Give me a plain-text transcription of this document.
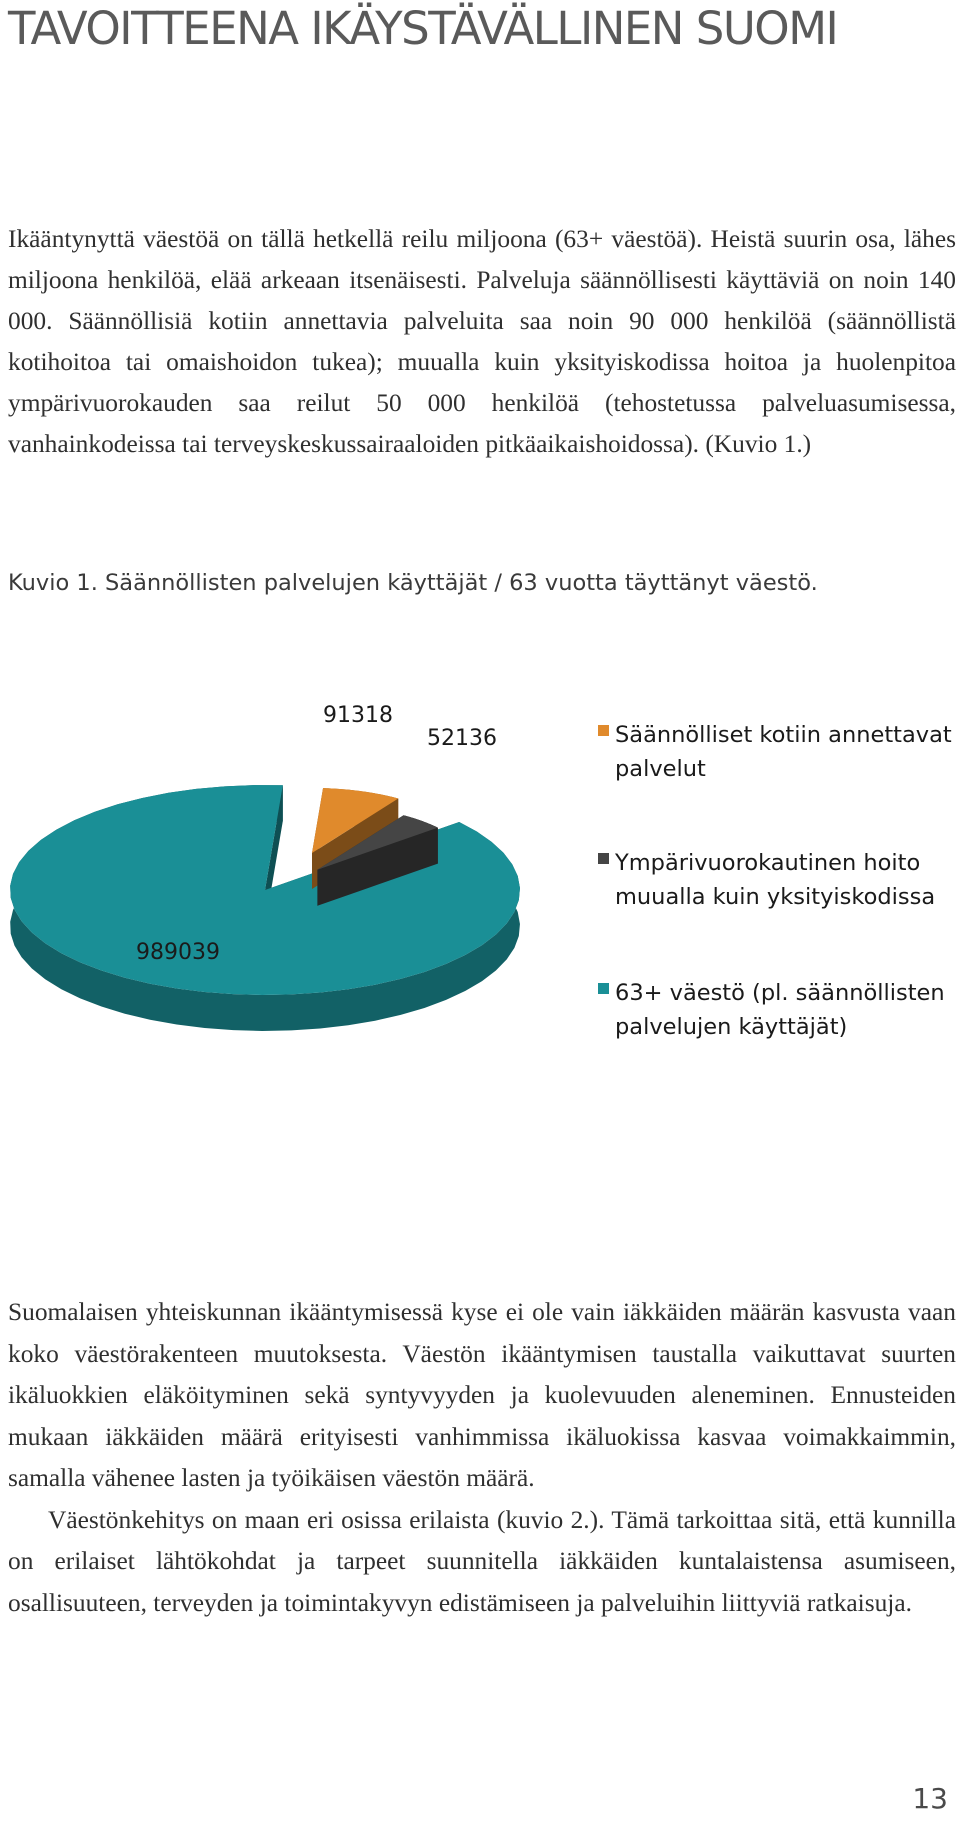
TAVOITTEENA IKÄYSTÄVÄLLINEN SUOMI

Ikääntynyttä väestöä on tällä hetkellä reilu miljoona (63+ väestöä). Heistä suurin osa, lähes miljoona henkilöä, elää arkeaan itsenäisesti. Palveluja säännöllisesti käyttäviä on noin 140 000. Säännöllisiä kotiin annettavia palveluita saa noin 90 000 henkilöä (säännöllistä kotihoitoa tai omaishoidon tukea); muualla kuin yksityiskodissa hoitoa ja huolenpitoa ympärivuorokauden saa reilut 50 000 henkilöä (tehostetussa palveluasumisessa, vanhainkodeissa tai terveyskeskussairaaloiden pitkäaikaishoidossa). (Kuvio 1.)

Kuvio 1. Säännöllisten palvelujen käyttäjät / 63 vuotta täyttänyt väestö.

91318
52136
989039
Säännölliset kotiin annettavat
palvelut
Ympärivuorokautinen hoito
muualla kuin yksityiskodissa
63+ väestö (pl. säännöllisten
palvelujen käyttäjät)

Suomalaisen yhteiskunnan ikääntymisessä kyse ei ole vain iäkkäiden määrän kasvusta vaan koko väestörakenteen muutoksesta. Väestön ikääntymisen taustalla vaikuttavat suurten ikäluokkien eläköityminen sekä syntyvyyden ja kuolevuuden aleneminen. Ennusteiden mukaan iäkkäiden määrä erityisesti vanhimmissa ikäluokissa kasvaa voimakkaimmin, samalla vähenee lasten ja työikäisen väestön määrä.

Väestönkehitys on maan eri osissa erilaista (kuvio 2.). Tämä tarkoittaa sitä, että kunnilla on erilaiset lähtökohdat ja tarpeet suunnitella iäkkäiden kuntalaistensa asumiseen, osallisuuteen, terveyden ja toimintakyvyn edistämiseen ja palveluihin liittyviä ratkaisuja.

13
